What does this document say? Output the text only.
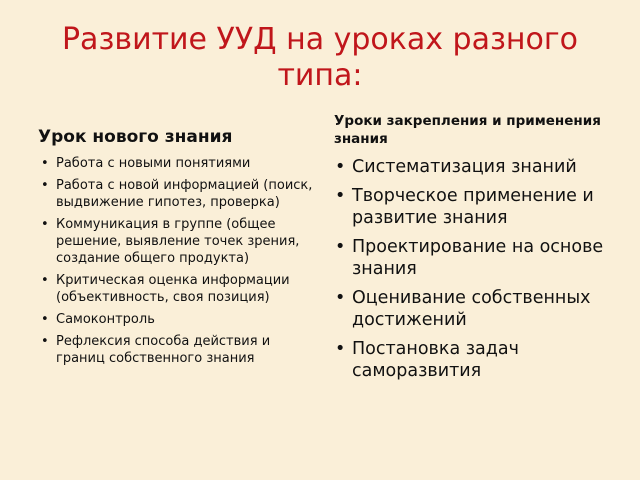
Развитие УУД на уроках разного типа:
Урок нового знания
Уроки закрепления и применения знания
• Работа с новыми понятиями
• Работа с новой информацией (поиск, выдвижение гипотез, проверка)
• Коммуникация в группе (общее решение, выявление точек зрения, создание общего продукта)
• Критическая оценка информации (объективность, своя позиция)
• Самоконтроль
• Рефлексия способа действия и границ собственного знания
• Систематизация знаний
• Творческое применение и развитие знания
• Проектирование на основе знания
• Оценивание собственных достижений
• Постановка задач саморазвития
